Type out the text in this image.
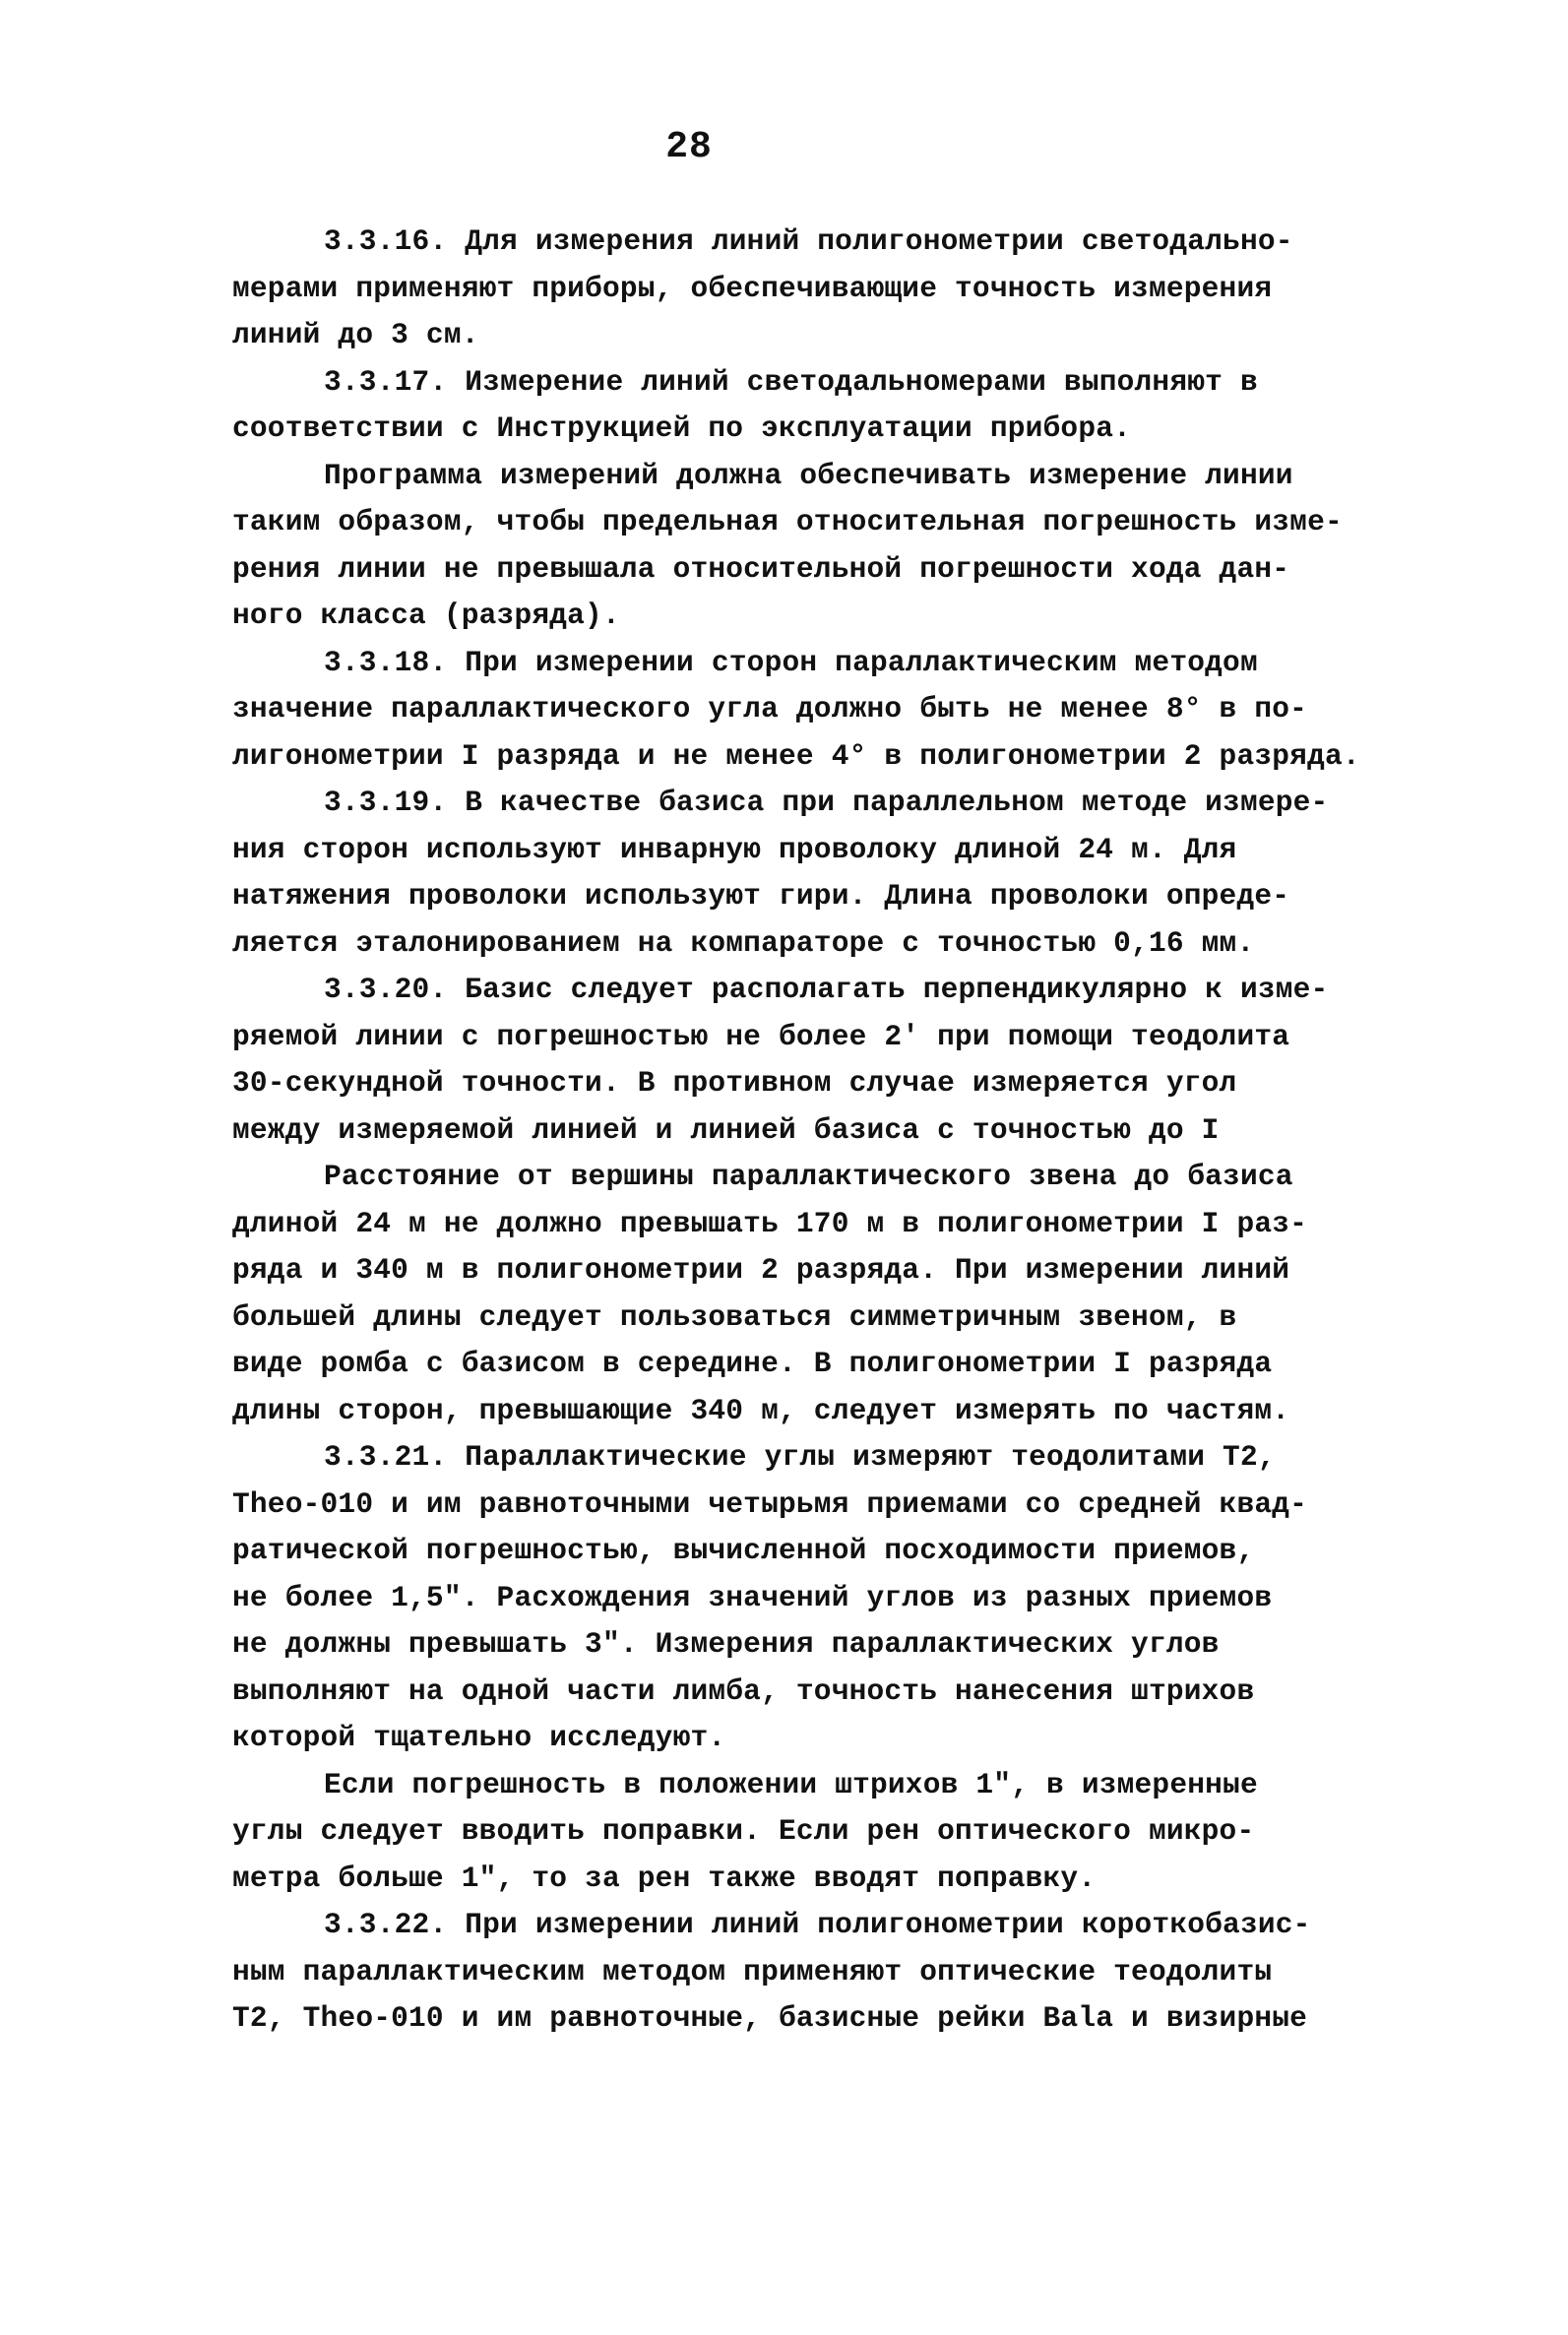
28
3.3.16. Для измерения линий полигонометрии светодально-
мерами применяют приборы, обеспечивающие точность измерения
линий до 3 см.
3.3.17. Измерение линий светодальномерами выполняют в
соответствии с Инструкцией по эксплуатации прибора.
Программа измерений должна обеспечивать измерение линии
таким образом, чтобы предельная относительная погрешность изме-
рения линии не превышала относительной погрешности хода дан-
ного класса (разряда).
3.3.18. При измерении сторон параллактическим методом
значение параллактического угла должно быть не менее 8° в по-
лигонометрии I разряда и не менее 4° в полигонометрии 2 разряда.
3.3.19. В качестве базиса при параллельном методе измере-
ния сторон используют инварную проволоку длиной 24 м. Для
натяжения проволоки используют гири. Длина проволоки опреде-
ляется эталонированием на компараторе с точностью 0,16 мм.
3.3.20. Базис следует располагать перпендикулярно к изме-
ряемой линии с погрешностью не более 2′ при помощи теодолита
30-секундной точности. В противном случае измеряется угол
между измеряемой линией и линией базиса с точностью до I
Расстояние от вершины параллактического звена до базиса
длиной 24 м не должно превышать 170 м в полигонометрии I раз-
ряда и 340 м в полигонометрии 2 разряда. При измерении линий
большей длины следует пользоваться симметричным звеном, в
виде ромба с базисом в середине. В полигонометрии I разряда
длины сторон, превышающие 340 м, следует измерять по частям.
3.3.21. Параллактические углы измеряют теодолитами Т2,
Theo-010 и им равноточными четырьмя приемами со средней квад-
ратической погрешностью, вычисленной посходимости приемов,
не более 1,5". Расхождения значений углов из разных приемов
не должны превышать 3". Измерения параллактических углов
выполняют на одной части лимба, точность нанесения штрихов
которой тщательно исследуют.
Если погрешность в положении штрихов 1", в измеренные
углы следует вводить поправки. Если рен оптического микро-
метра больше 1", то за рен также вводят поправку.
3.3.22. При измерении линий полигонометрии короткобазис-
ным параллактическим методом применяют оптические теодолиты
Т2, Theo-010 и им равноточные, базисные рейки Bala и визирные
